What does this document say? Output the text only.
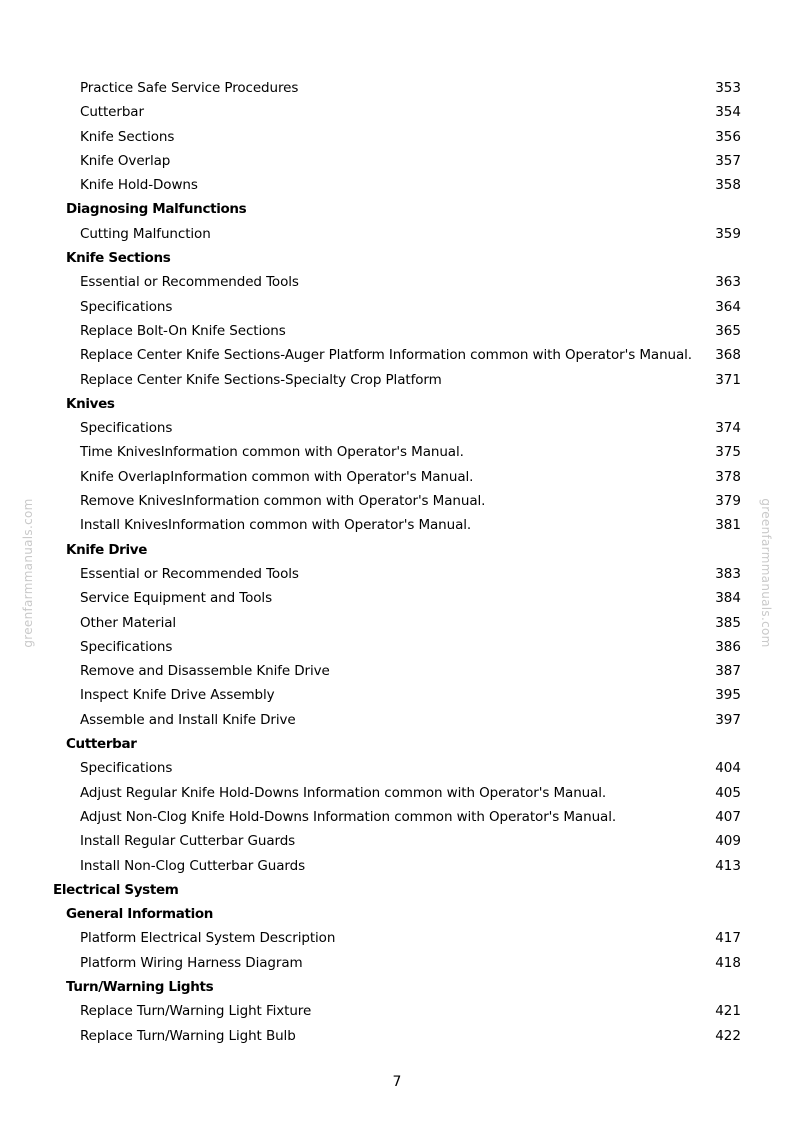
Practice Safe Service Procedures	353
Cutterbar	354
Knife Sections	356
Knife Overlap	357
Knife Hold-Downs	358
Diagnosing Malfunctions
Cutting Malfunction	359
Knife Sections
Essential or Recommended Tools	363
Specifications	364
Replace Bolt-On Knife Sections	365
Replace Center Knife Sections-Auger Platform Information common with Operator's Manual. 368
Replace Center Knife Sections-Specialty Crop Platform	371
Knives
Specifications	374
Time KnivesInformation common with Operator's Manual.	375
Knife OverlapInformation common with Operator's Manual.	378
Remove KnivesInformation common with Operator's Manual.	379
Install KnivesInformation common with Operator's Manual.	381
Knife Drive
Essential or Recommended Tools	383
Service Equipment and Tools	384
Other Material	385
Specifications	386
Remove and Disassemble Knife Drive	387
Inspect Knife Drive Assembly	395
Assemble and Install Knife Drive	397
Cutterbar
Specifications	404
Adjust Regular Knife Hold-Downs Information common with Operator's Manual.	405
Adjust Non-Clog Knife Hold-Downs Information common with Operator's Manual.	407
Install Regular Cutterbar Guards	409
Install Non-Clog Cutterbar Guards	413
Electrical System
General Information
Platform Electrical System Description	417
Platform Wiring Harness Diagram	418
Turn/Warning Lights
Replace Turn/Warning Light Fixture	421
Replace Turn/Warning Light Bulb	422
7
greenfarmmanuals.com	greenfarmmanuals.com
